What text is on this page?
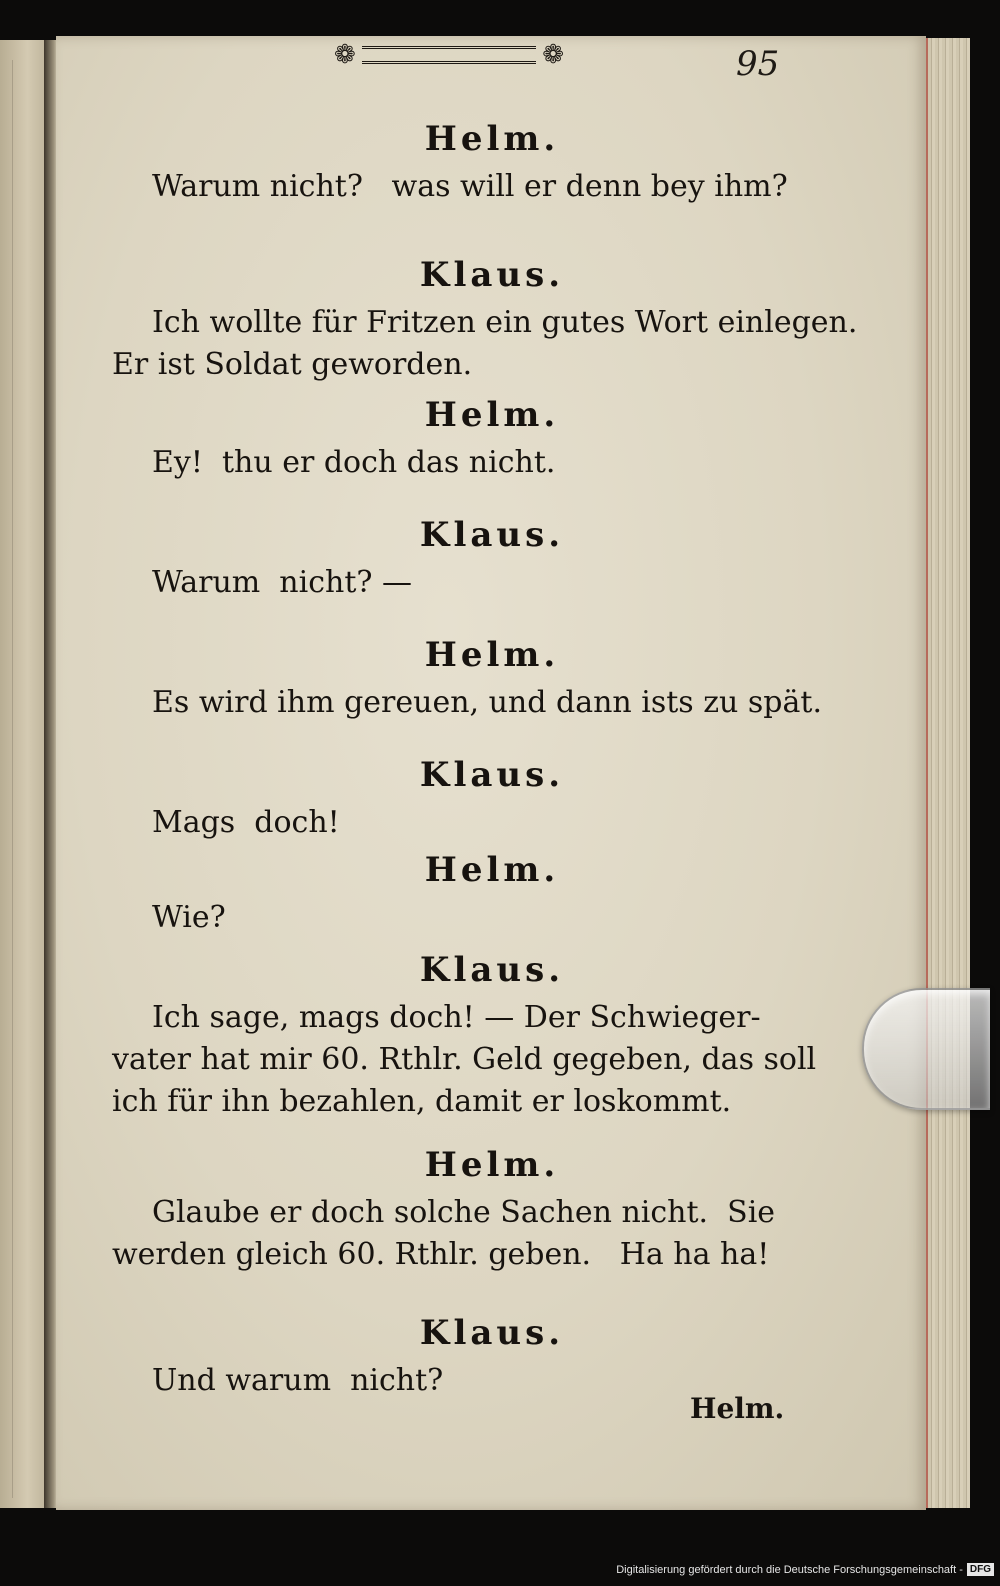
❁	❁	95
Helm.
Warum nicht?   was will er denn bey ihm?
Klaus.
Ich wollte für Fritzen ein gutes Wort einlegen.
Er ist Soldat geworden.
Helm.
Ey!  thu er doch das nicht.
Klaus.
Warum  nicht? —
Helm.
Es wird ihm gereuen, und dann ists zu spät.
Klaus.
Mags  doch!
Helm.
Wie?
Klaus.
Ich sage, mags doch! — Der Schwieger-
vater hat mir 60. Rthlr. Geld gegeben, das soll
ich für ihn bezahlen, damit er loskommt.
Helm.
Glaube er doch solche Sachen nicht.  Sie
werden gleich 60. Rthlr. geben.   Ha ha ha!
Klaus.
Und warum  nicht?
Helm.
Digitalisierung gefördert durch die Deutsche Forschungsgemeinschaft - DFG
